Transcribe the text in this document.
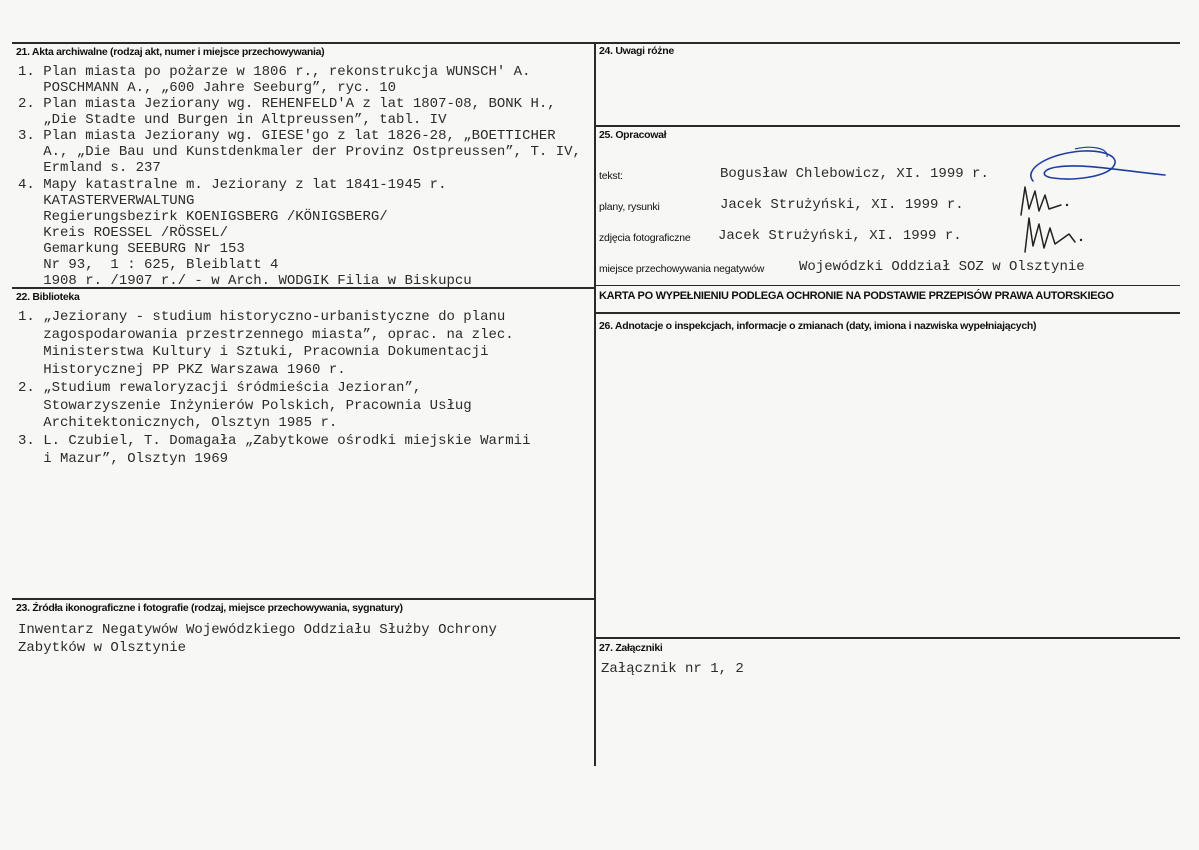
21. Akta archiwalne (rodzaj akt, numer i miejsce przechowywania)
1. Plan miasta po pożarze w 1806 r., rekonstrukcja WUNSCH' A.
POSCHMANN A., „600 Jahre Seeburg”, ryc. 10
2. Plan miasta Jeziorany wg. REHENFELD'A z lat 1807-08, BONK H.,
„Die Stadte und Burgen in Altpreussen”, tabl. IV
3. Plan miasta Jeziorany wg. GIESE'go z lat 1826-28, „BOETTICHER
A., „Die Bau und Kunstdenkmaler der Provinz Ostpreussen”, T. IV,
Ermland s. 237
4. Mapy katastralne m. Jeziorany z lat 1841-1945 r.
KATASTERVERWALTUNG
Regierungsbezirk KOENIGSBERG /KÖNIGSBERG/
Kreis ROESSEL /RÖSSEL/
Gemarkung SEEBURG Nr 153
Nr 93,  1 : 625, Bleiblatt 4
1908 r. /1907 r./ - w Arch. WODGIK Filia w Biskupcu
22. Biblioteka
1. „Jeziorany - studium historyczno-urbanistyczne do planu
zagospodarowania przestrzennego miasta”, oprac. na zlec.
Ministerstwa Kultury i Sztuki, Pracownia Dokumentacji
Historycznej PP PKZ Warszawa 1960 r.
2. „Studium rewaloryzacji śródmieścia Jezioran”,
Stowarzyszenie Inżynierów Polskich, Pracownia Usług
Architektonicznych, Olsztyn 1985 r.
3. L. Czubiel, T. Domagała „Zabytkowe ośrodki miejskie Warmii
i Mazur”, Olsztyn 1969
23. Źródła ikonograficzne i fotografie (rodzaj, miejsce przechowywania, sygnatury)
Inwentarz Negatywów Wojewódzkiego Oddziału Służby Ochrony
Zabytków w Olsztynie
24. Uwagi różne
25. Opracował
tekst:	Bogusław Chlebowicz, XI. 1999 r.
plany, rysunki	Jacek Strużyński, XI. 1999 r.
zdjęcia fotograficzne Jacek Strużyński, XI. 1999 r.
miejsce przechowywania negatywów Wojewódzki Oddział SOZ w Olsztynie
KARTA PO WYPEŁNIENIU PODLEGA OCHRONIE NA PODSTAWIE PRZEPISÓW PRAWA AUTORSKIEGO
26. Adnotacje o inspekcjach, informacje o zmianach (daty, imiona i nazwiska wypełniających)
27. Załączniki
Załącznik nr 1, 2
